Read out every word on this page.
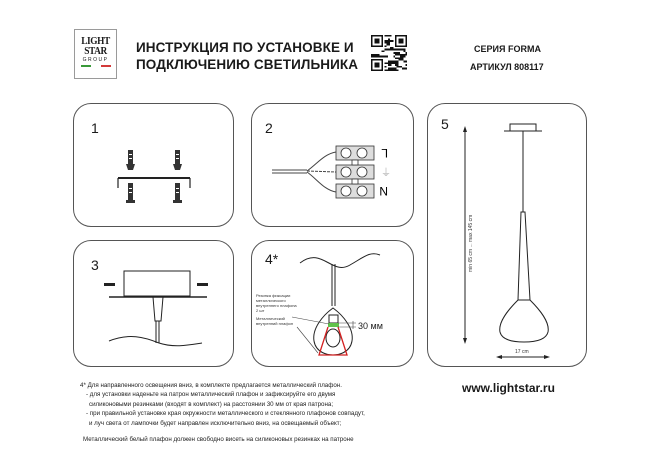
LIGHT
STAR
GROUP
ИНСТРУКЦИЯ ПО УСТАНОВКЕ И
ПОДКЛЮЧЕНИЮ СВЕТИЛЬНИКА
СЕРИЯ FORMA
АРТИКУЛ 808117
1	2
L
⏚
N
3	4*
Резинка фиксации металлического внутреннего плафона 2 шт
Металлический внутренний плафон	30 мм
5
min 65 cm ... max 145 cm
17 cm
4* Для направленного освещения вниз, в комплекте предлагается металлический плафон.
- для установки наденьте на патрон металлический плафон и зафиксируйте его двумя
силиконовыми резинками (входят в комплект) на расстоянии 30 мм от края патрона;
- при правильной установке края окружности металлического и стеклянного плафонов совпадут,
и луч света от лампочки будет направлен исключительно вниз, на освещаемый объект;
Металлический белый плафон должен свободно висеть на силиконовых резинках на патроне
www.lightstar.ru
